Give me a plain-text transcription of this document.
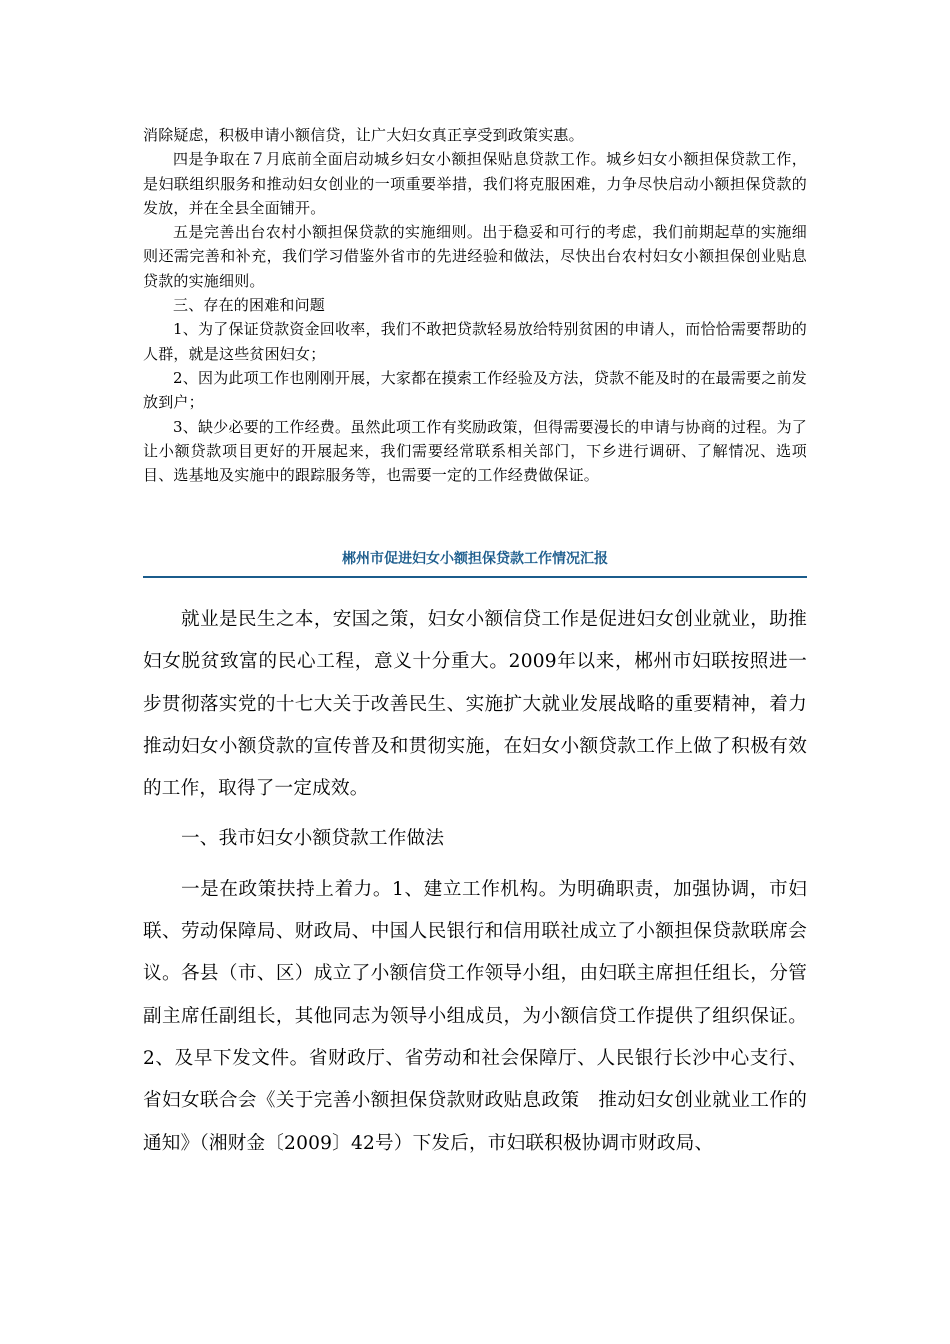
消除疑虑，积极申请小额信贷，让广大妇女真正享受到政策实惠。

四是争取在７月底前全面启动城乡妇女小额担保贴息贷款工作。城乡妇女小额担保贷款工作，是妇联组织服务和推动妇女创业的一项重要举措，我们将克服困难，力争尽快启动小额担保贷款的发放，并在全县全面铺开。

五是完善出台农村小额担保贷款的实施细则。出于稳妥和可行的考虑，我们前期起草的实施细则还需完善和补充，我们学习借鉴外省市的先进经验和做法，尽快出台农村妇女小额担保创业贴息贷款的实施细则。

三、存在的困难和问题

1、为了保证贷款资金回收率，我们不敢把贷款轻易放给特别贫困的申请人，而恰恰需要帮助的人群，就是这些贫困妇女；

2、因为此项工作也刚刚开展，大家都在摸索工作经验及方法，贷款不能及时的在最需要之前发放到户；

3、缺少必要的工作经费。虽然此项工作有奖励政策，但得需要漫长的申请与协商的过程。为了让小额贷款项目更好的开展起来，我们需要经常联系相关部门，下乡进行调研、了解情况、选项目、选基地及实施中的跟踪服务等，也需要一定的工作经费做保证。

郴州市促进妇女小额担保贷款工作情况汇报

就业是民生之本，安国之策，妇女小额信贷工作是促进妇女创业就业，助推妇女脱贫致富的民心工程，意义十分重大。2009年以来，郴州市妇联按照进一步贯彻落实党的十七大关于改善民生、实施扩大就业发展战略的重要精神，着力推动妇女小额贷款的宣传普及和贯彻实施，在妇女小额贷款工作上做了积极有效的工作，取得了一定成效。

一、我市妇女小额贷款工作做法

一是在政策扶持上着力。1、建立工作机构。为明确职责，加强协调，市妇联、劳动保障局、财政局、中国人民银行和信用联社成立了小额担保贷款联席会议。各县（市、区）成立了小额信贷工作领导小组，由妇联主席担任组长，分管副主席任副组长，其他同志为领导小组成员，为小额信贷工作提供了组织保证。2、及早下发文件。省财政厅、省劳动和社会保障厅、人民银行长沙中心支行、省妇女联合会《关于完善小额担保贷款财政贴息政策　推动妇女创业就业工作的通知》（湘财金〔2009〕42号）下发后，市妇联积极协调市财政局、
